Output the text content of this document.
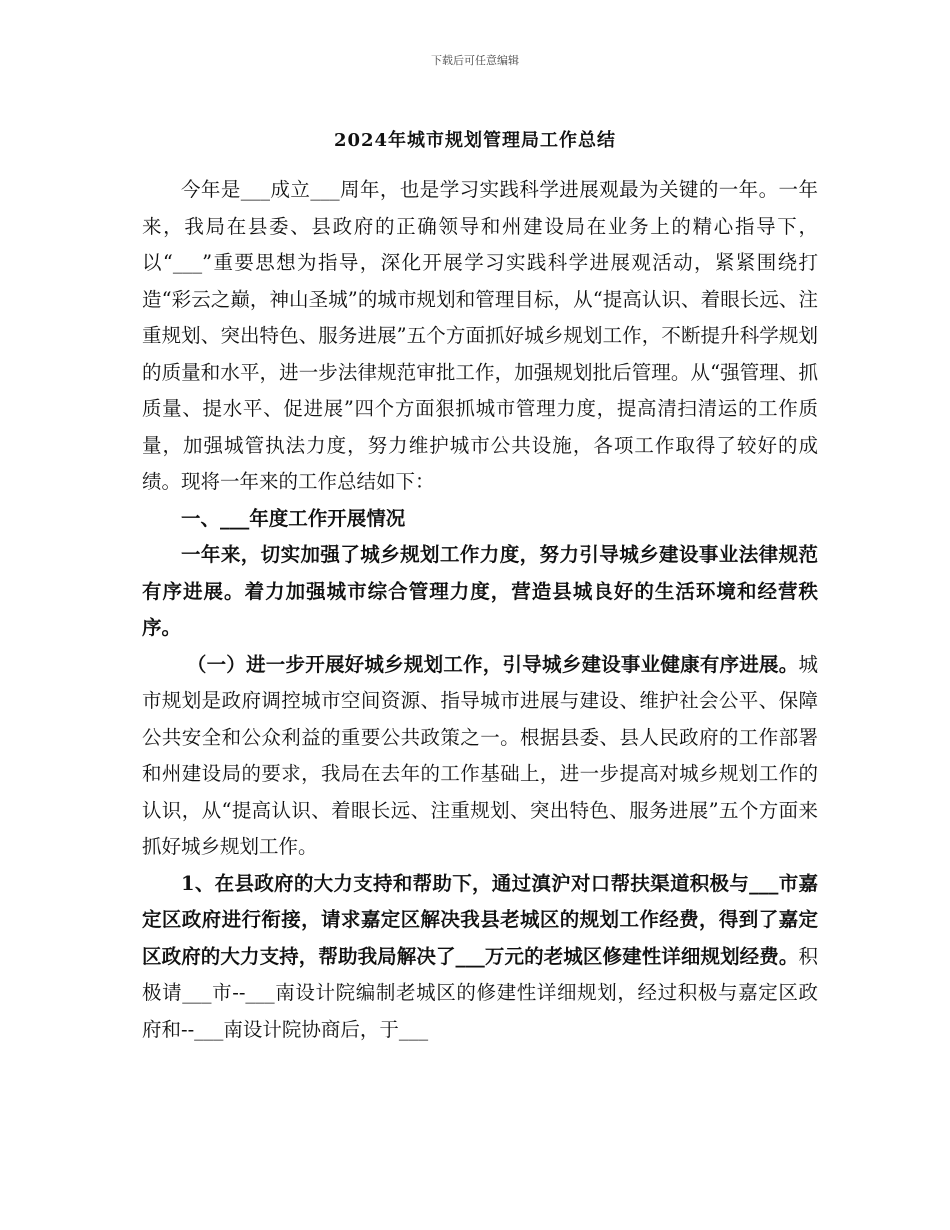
下载后可任意编辑
2024年城市规划管理局工作总结

今年是___成立___周年，也是学习实践科学进展观最为关键的一年。一年来，我局在县委、县政府的正确领导和州建设局在业务上的精心指导下，以“___”重要思想为指导，深化开展学习实践科学进展观活动，紧紧围绕打造“彩云之巅，神山圣城”的城市规划和管理目标，从“提高认识、着眼长远、注重规划、突出特色、服务进展”五个方面抓好城乡规划工作，不断提升科学规划的质量和水平，进一步法律规范审批工作，加强规划批后管理。从“强管理、抓质量、提水平、促进展”四个方面狠抓城市管理力度，提高清扫清运的工作质量，加强城管执法力度，努力维护城市公共设施，各项工作取得了较好的成绩。现将一年来的工作总结如下：

一、___年度工作开展情况

一年来，切实加强了城乡规划工作力度，努力引导城乡建设事业法律规范有序进展。着力加强城市综合管理力度，营造县城良好的生活环境和经营秩序。

（一）进一步开展好城乡规划工作，引导城乡建设事业健康有序进展。城市规划是政府调控城市空间资源、指导城市进展与建设、维护社会公平、保障公共安全和公众利益的重要公共政策之一。根据县委、县人民政府的工作部署和州建设局的要求，我局在去年的工作基础上，进一步提高对城乡规划工作的认识，从“提高认识、着眼长远、注重规划、突出特色、服务进展”五个方面来抓好城乡规划工作。

1、在县政府的大力支持和帮助下，通过滇沪对口帮扶渠道积极与___市嘉定区政府进行衔接，请求嘉定区解决我县老城区的规划工作经费，得到了嘉定区政府的大力支持，帮助我局解决了___万元的老城区修建性详细规划经费。积极请___市--___南设计院编制老城区的修建性详细规划，经过积极与嘉定区政府和--___南设计院协商后，于___
